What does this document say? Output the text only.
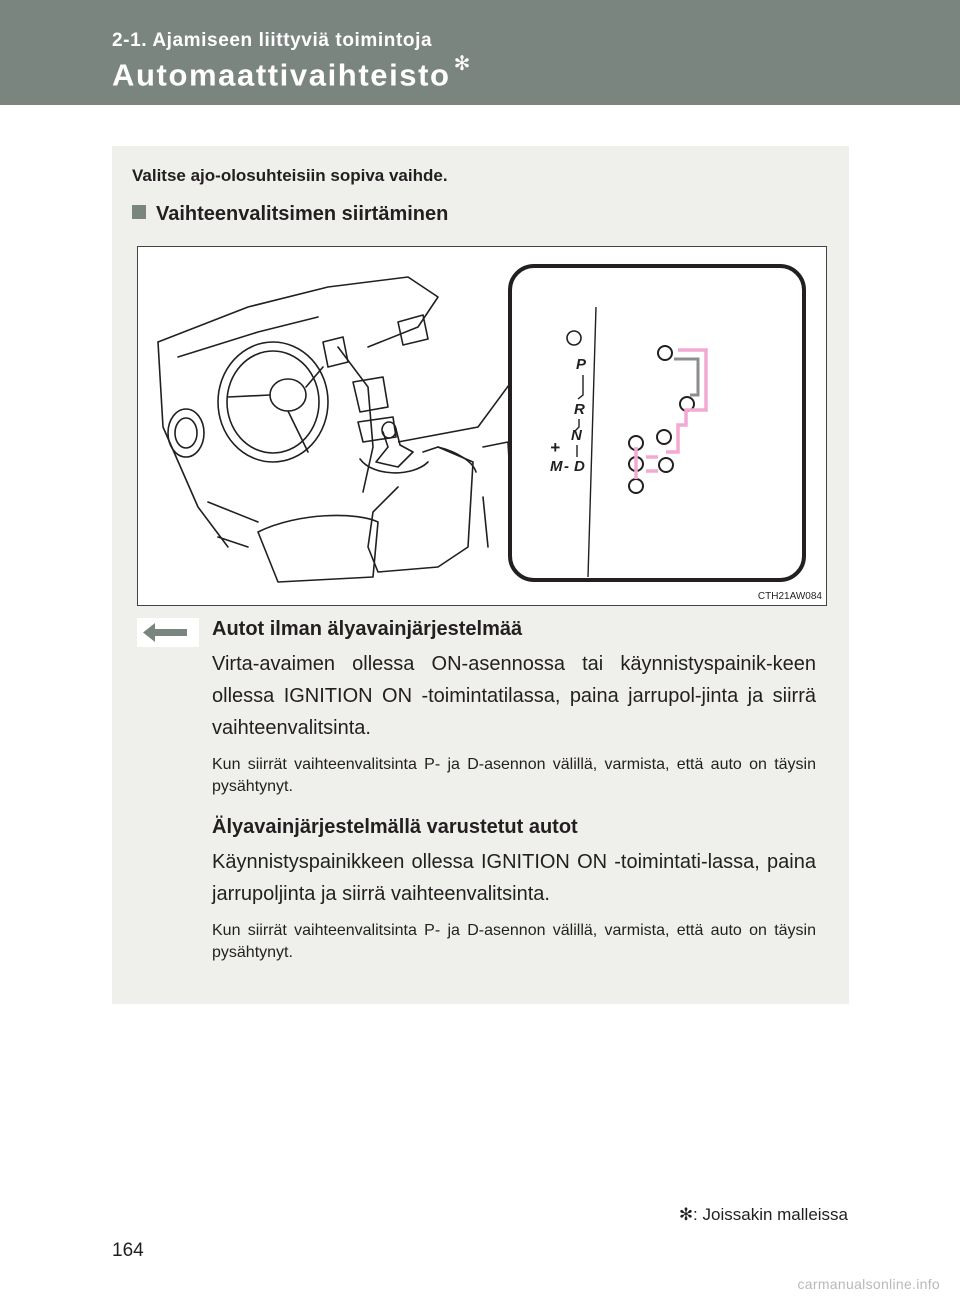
2-1. Ajamiseen liittyviä toimintoja
Automaattivaihteisto ✻
Valitse ajo-olosuhteisiin sopiva vaihde.
Vaihteenvalitsimen siirtäminen
P
R
N
D
M -
+
CTH21AW084
Autot ilman älyavainjärjestelmää
Virta-avaimen ollessa ON-asennossa tai käynnistyspainik-keen ollessa IGNITION ON -toimintatilassa, paina jarrupol-jinta ja siirrä vaihteenvalitsinta.
Kun siirrät vaihteenvalitsinta P- ja D-asennon välillä, varmista, että auto on täysin pysähtynyt.
Älyavainjärjestelmällä varustetut autot
Käynnistyspainikkeen ollessa IGNITION ON -toimintati-lassa, paina jarrupoljinta ja siirrä vaihteenvalitsinta.
Kun siirrät vaihteenvalitsinta P- ja D-asennon välillä, varmista, että auto on täysin pysähtynyt.
✻: Joissakin malleissa
164
carmanualsonline.info
